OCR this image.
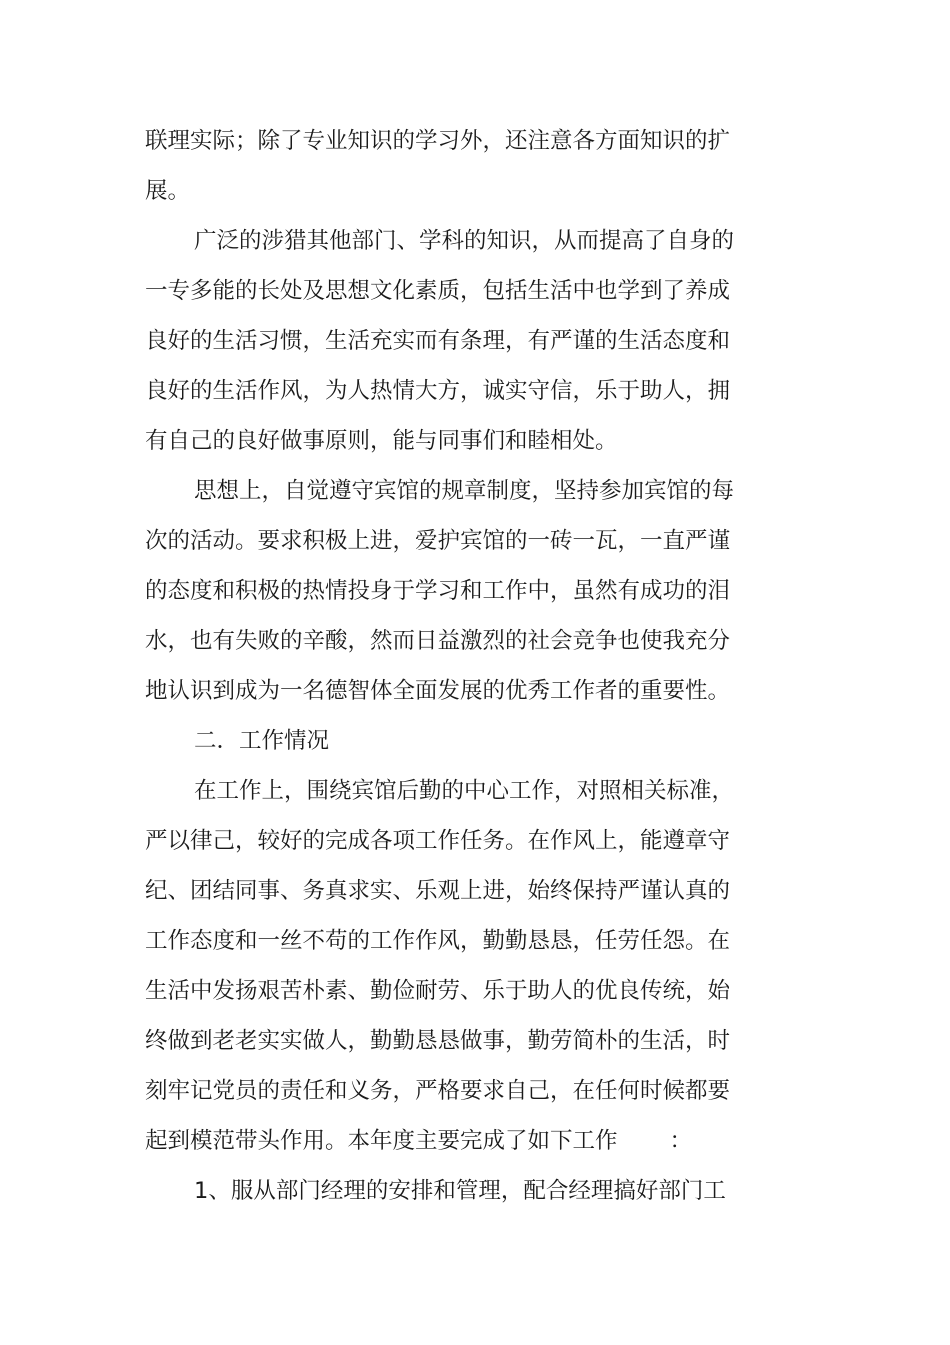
联理实际；除了专业知识的学习外，还注意各方面知识的扩
展。
广泛的涉猎其他部门、学科的知识，从而提高了自身的
一专多能的长处及思想文化素质，包括生活中也学到了养成
良好的生活习惯，生活充实而有条理，有严谨的生活态度和
良好的生活作风，为人热情大方，诚实守信，乐于助人，拥
有自己的良好做事原则，能与同事们和睦相处。
思想上，自觉遵守宾馆的规章制度，坚持参加宾馆的每
次的活动。要求积极上进，爱护宾馆的一砖一瓦，一直严谨
的态度和积极的热情投身于学习和工作中，虽然有成功的泪
水，也有失败的辛酸，然而日益激烈的社会竞争也使我充分
地认识到成为一名德智体全面发展的优秀工作者的重要性。
二．工作情况
在工作上，围绕宾馆后勤的中心工作，对照相关标准，
严以律己，较好的完成各项工作任务。在作风上，能遵章守
纪、团结同事、务真求实、乐观上进，始终保持严谨认真的
工作态度和一丝不苟的工作作风，勤勤恳恳，任劳任怨。在
生活中发扬艰苦朴素、勤俭耐劳、乐于助人的优良传统，始
终做到老老实实做人，勤勤恳恳做事，勤劳简朴的生活，时
刻牢记党员的责任和义务，严格要求自己，在任何时候都要
起到模范带头作用。本年度主要完成了如下工作 ：
1、服从部门经理的安排和管理，配合经理搞好部门工
